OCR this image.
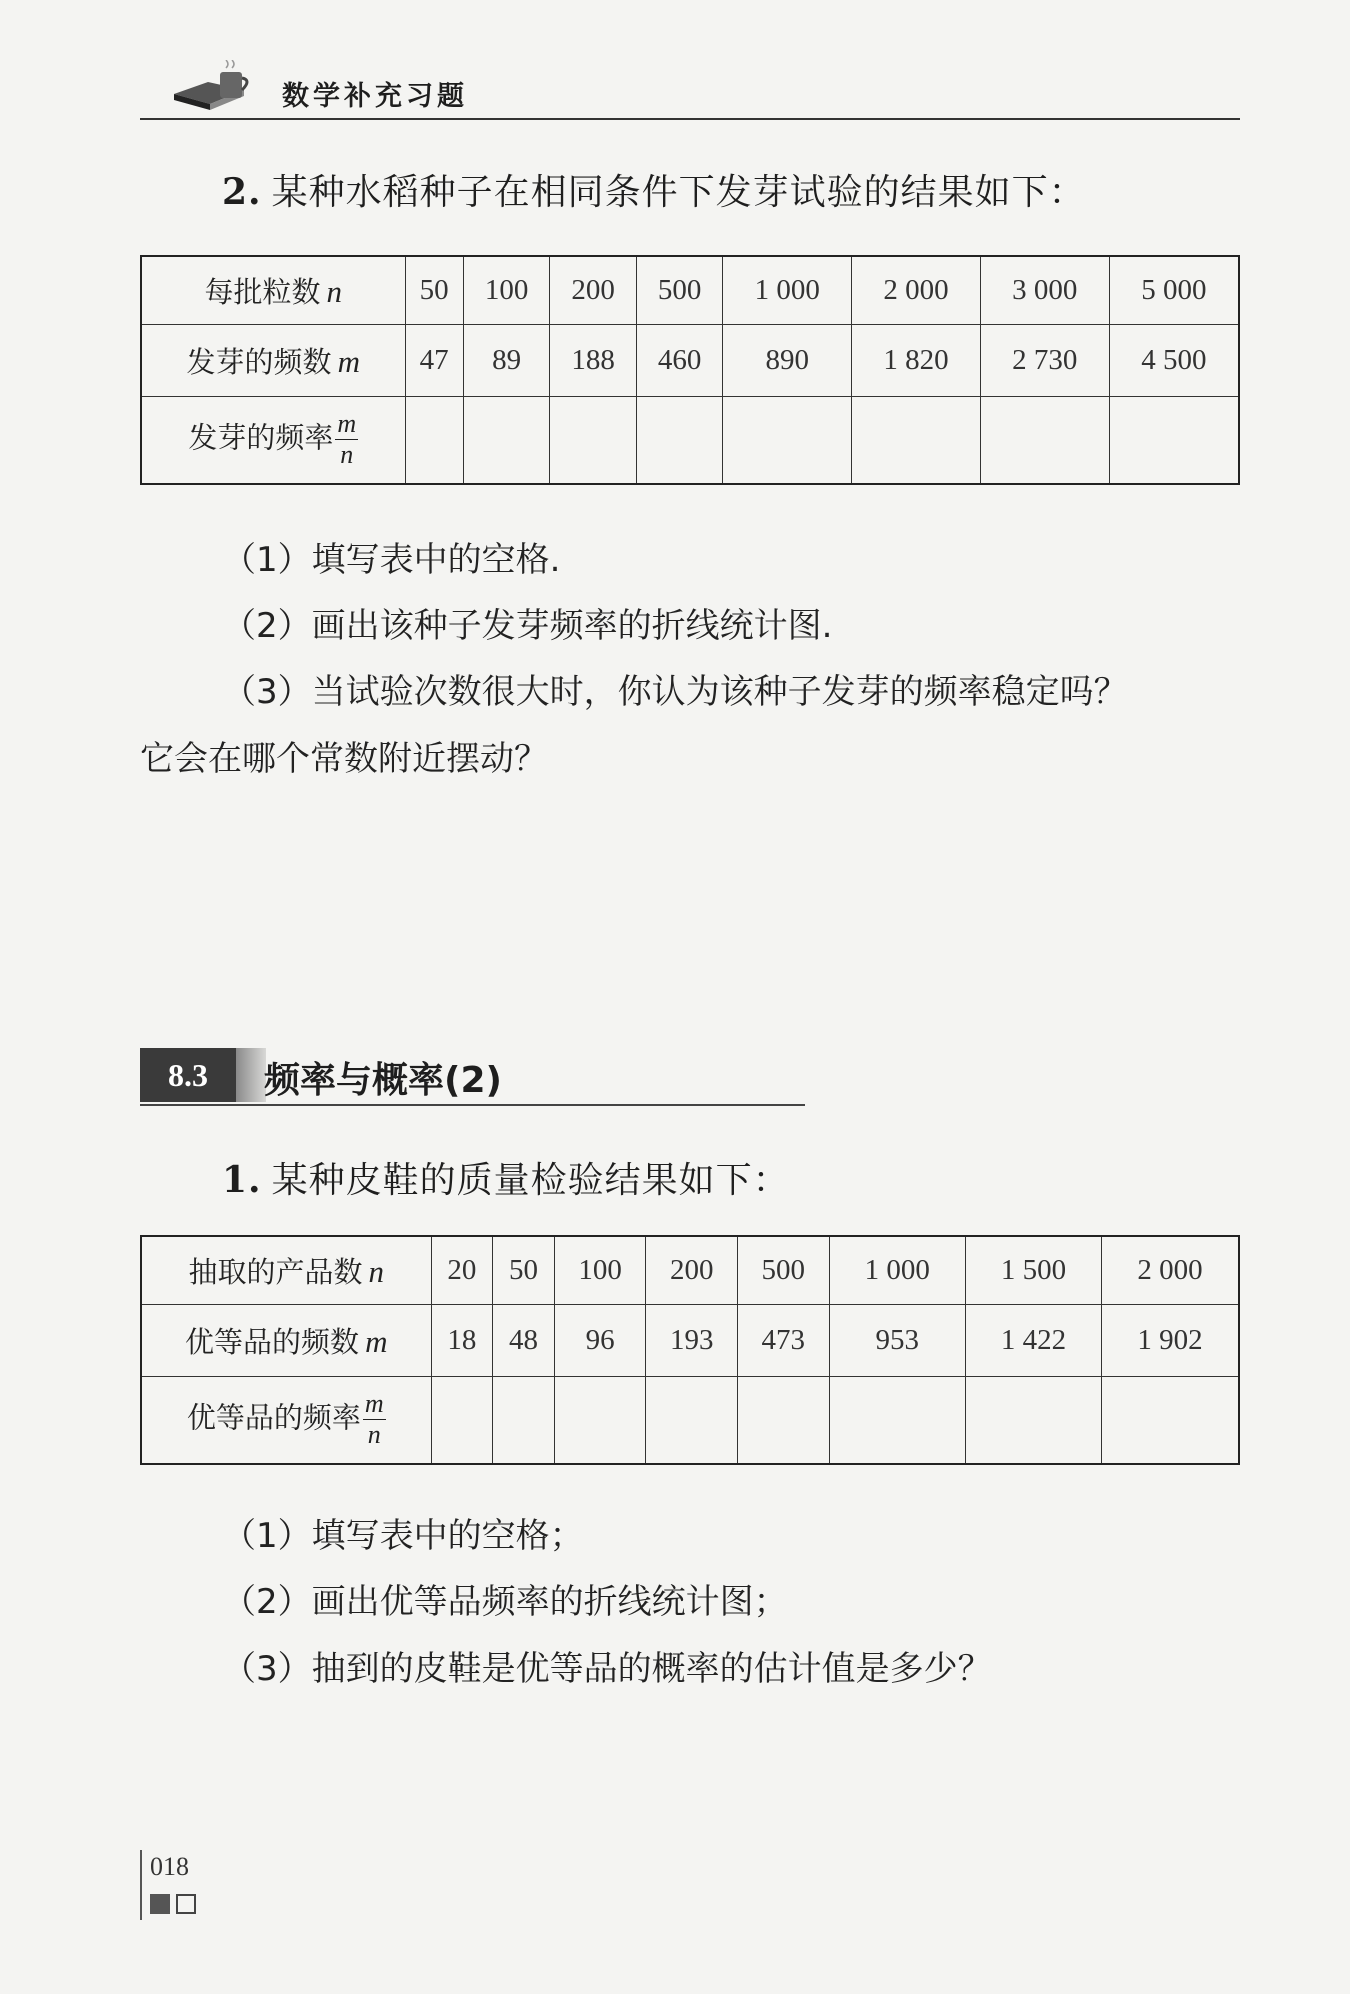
数学补充习题
2. 某种水稻种子在相同条件下发芽试验的结果如下：
每批粒数 n	50	100	200	500	1 000	2 000	3 000	5 000
发芽的频数 m	47	89	188	460	890	1 820	2 730	4 500
发芽的频率 $\frac{m}{n}$

（1）填写表中的空格.
（2）画出该种子发芽频率的折线统计图.
（3）当试验次数很大时，你认为该种子发芽的频率稳定吗？
它会在哪个常数附近摆动？
8.3	频率与概率(2)
1. 某种皮鞋的质量检验结果如下：
抽取的产品数 n	20	50	100	200	500	1 000	1 500	2 000
优等品的频数 m	18	48	96	193	473	953	1 422	1 902
优等品的频率 $\frac{m}{n}$

（1）填写表中的空格；
（2）画出优等品频率的折线统计图；
（3）抽到的皮鞋是优等品的概率的估计值是多少？
018
